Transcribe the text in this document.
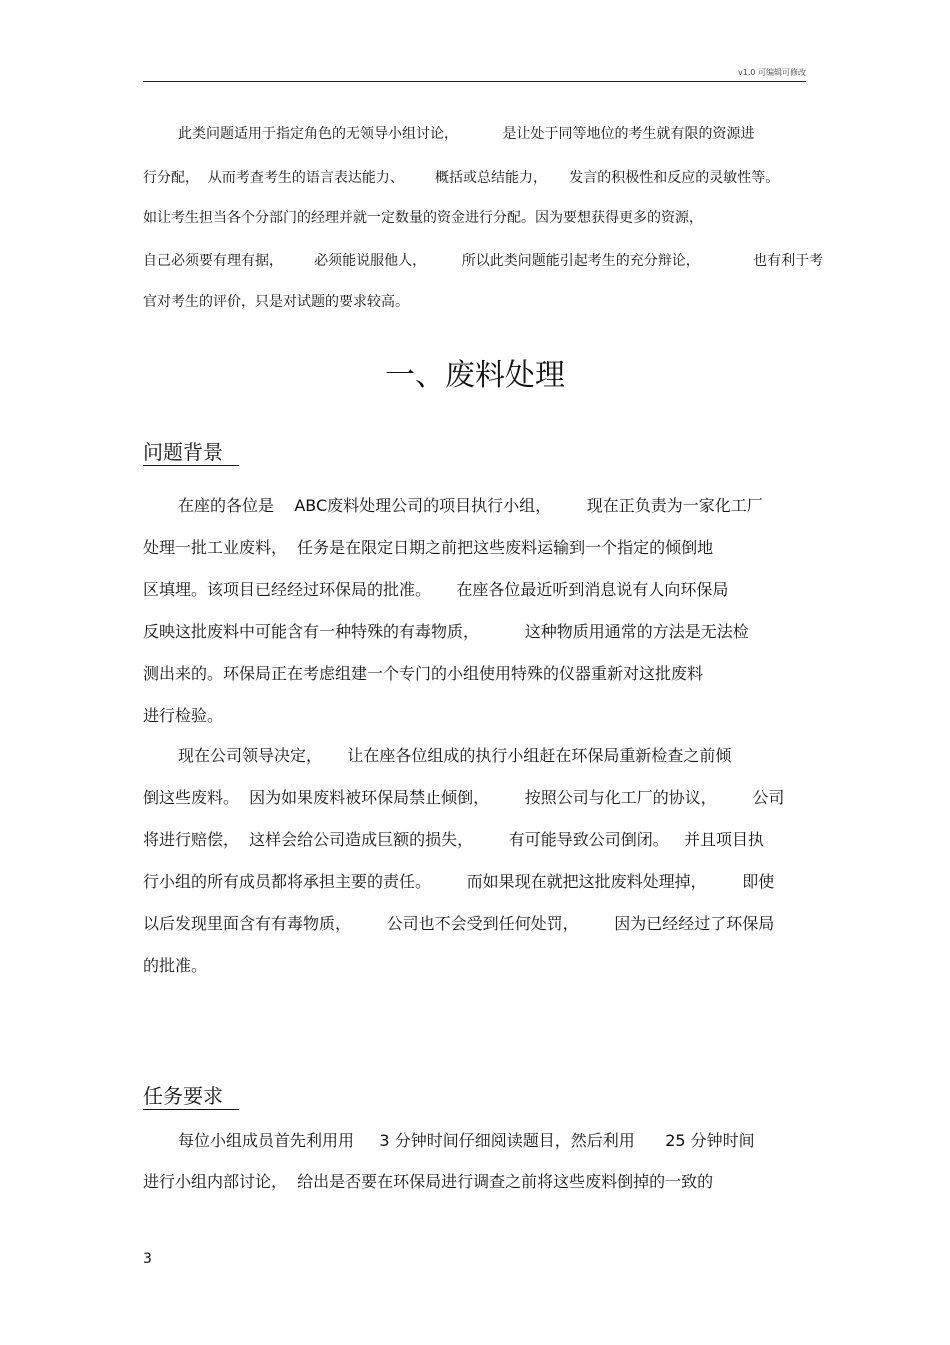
v1.0 可编辑可修改
此类问题适用于指定角色的无领导小组讨论，          是让处于同等地位的考生就有限的资源进
行分配，  从而考查考生的语言表达能力、       概括或总结能力，     发言的积极性和反应的灵敏性等。
如让考生担当各个分部门的经理并就一定数量的资金进行分配。因为要想获得更多的资源，
自己必须要有理有据，       必须能说服他人，        所以此类问题能引起考生的充分辩论，            也有利于考
官对考生的评价，只是对试题的要求较高。
一、废料处理
问题背景
在座的各位是    ABC废料处理公司的项目执行小组，       现在正负责为一家化工厂
处理一批工业废料，  任务是在限定日期之前把这些废料运输到一个指定的倾倒地
区填埋。该项目已经经过环保局的批准。     在座各位最近听到消息说有人向环保局
反映这批废料中可能含有一种特殊的有毒物质，         这种物质用通常的方法是无法检
测出来的。环保局正在考虑组建一个专门的小组使用特殊的仪器重新对这批废料
进行检验。
现在公司领导决定，     让在座各位组成的执行小组赶在环保局重新检查之前倾
倒这些废料。  因为如果废料被环保局禁止倾倒，       按照公司与化工厂的协议，       公司
将进行赔偿，  这样会给公司造成巨额的损失，       有可能导致公司倒闭。   并且项目执
行小组的所有成员都将承担主要的责任。       而如果现在就把这批废料处理掉，       即使
以后发现里面含有有毒物质，       公司也不会受到任何处罚，       因为已经经过了环保局
的批准。
任务要求
每位小组成员首先利用用     3 分钟时间仔细阅读题目，然后利用      25 分钟时间
进行小组内部讨论，  给出是否要在环保局进行调查之前将这些废料倒掉的一致的
3
